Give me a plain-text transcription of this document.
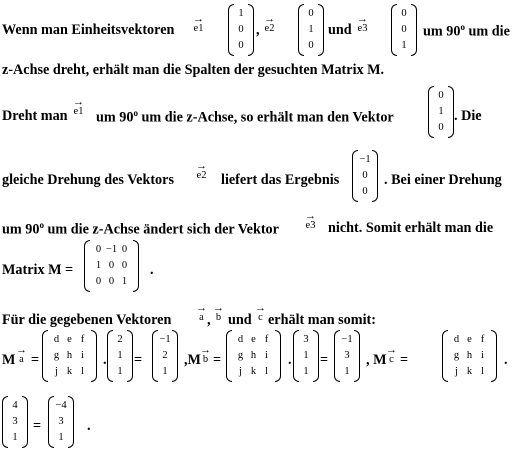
Wenn man Einheitsvektoren
→
e1
1
0
0
,
→
e2
0
1
0
und
→
e3
0
0
1
um 90$^o$ um die
z-Achse dreht, erhält man die Spalten der gesuchten Matrix M.
Dreht man
→
e1 um 90$^o$ um die z-Achse, so erhält man den Vektor
0
1
0
. Die
gleiche Drehung des Vektors
→
e2 liefert das Ergebnis
−1
0
0
. Bei einer Drehung
um 90$^o$ um die z-Achse ändert sich der Vektor
→
e3 nicht. Somit erhält man die
Matrix M =
0 −1 0
1 0 0
0 0 1
.
Für die gegebenen Vektoren
→
a ,
→
b und
→
c erhält man somit:
M
→
a =
d e f
g h i
j k l
.
2
1
1
=
−1
2
1
,M
→
b =
d e f
g h i
j k l
.
3
1
1
=
−1
3
1
, M
→
c =
d e f
g h i
j k l
.
4
3
1
=
−4
3
1
.
